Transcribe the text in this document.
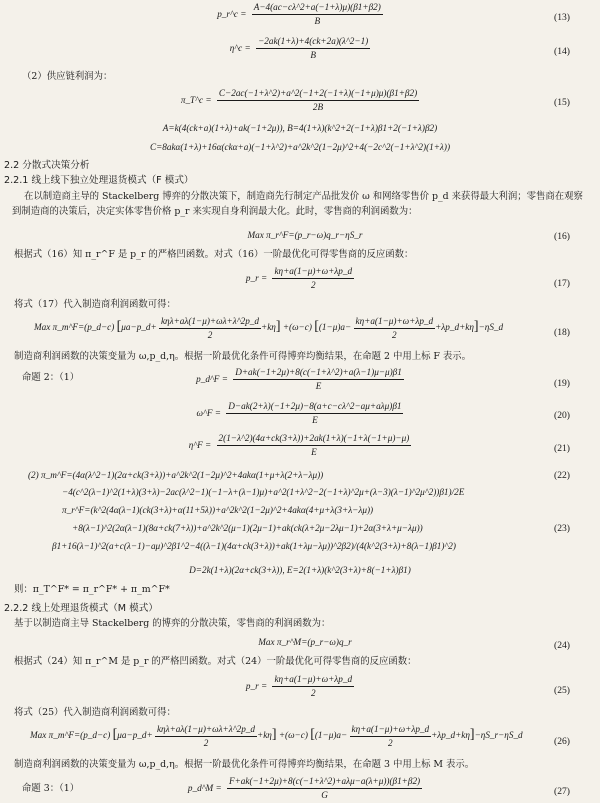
p_r^c = $\frac{A-4(ac-c\lambda\^{}2+a(-1+\lambda)\mu)(\beta 1+\beta 2)}{B}$	(13)
η^c = $\frac{-2ak(1+\lambda)+4(ck+2a)(\lambda\^{}2-1)}{B}$	(14)
（2）供应链利润为：
π_T^c = $\frac{C-2ac(-1+\lambda\^{}2)+a\^{}2(-1+2(-1+\lambda)(-1+\mu)\mu)(\beta 1+\beta 2)}{2B}$	(15)
A=k(4(ck+a)(1+λ)+ak(−1+2μ)), B=4(1+λ)(k^2+2(−1+λ)β1+2(−1+λ)β2)
C=8akα(1+λ)+16α(ckα+a)(−1+λ^2)+a^2k^2(1−2μ)^2+4(−2c^2(−1+λ^2)(1+λ))
2.2 分散式决策分析
2.2.1 线上线下独立处理退货模式（F 模式）
在以制造商主导的 Stackelberg 博弈的分散决策下，制造商先行制定产品批发价 ω 和网络零售价 p_d 来获得最大利润；零售商在观察到制造商的决策后，决定实体零售价格 p_r 来实现自身利润最大化。此时，零售商的利润函数为：
Max π_r^F=(p_r−ω)q_r−ηS_r	(16)
根据式（16）知 π_r^F 是 p_r 的严格凹函数。对式（16）一阶最优化可得零售商的反应函数：
p_r = $\frac{k\eta+a(1-\mu)+\omega+\lambda p\_d}{2}$	(17)
将式（17）代入制造商利润函数可得：
Max π_m^F=(p_d−c) [μa−p_d+ $\frac{\text{kηλ+aλ(1−μ)+ωλ+λ\textasciicircum{}2p\_d}}{2} +k\eta] +(\omega-c)$ [$(1-\mu)a- \frac{k\eta+a(1-\mu)+\omega+\lambda p\_d}{2}$ +λp_d+kη]−ηS_d	(18)
制造商利润函数的决策变量为 ω,p_d,η。根据一阶最优化条件可得博弈均衡结果，在命题 2 中用上标 F 表示。
命题 2：（1）	p_d^F = $\frac{D+ak(-1+2\mu)+8(c(-1+\lambda\^{}2)+a(\lambda-1)\mu-\mu)\beta 1}{E}$	(19)
ω^F = $\frac{\text{D−ak(2+λ)(−1+2μ)−8(a+c−cλ\textasciicircum{}2−aμ+aλμ)β1}}{E}$	(20)
η^F = $\frac{2(1-\lambda\^{}2)(4\alpha+ck(3+\lambda))+2ak(1+\lambda)(-1+\lambda(-1+\mu)-\mu)}{E}$	(21)
(2) π_m^F=(4α(λ^2−1)(2α+ck(3+λ))+a^2k^2(1−2μ)^2+4akα(1+μ+λ(2+λ−λμ))
−4(c^2(λ−1)^2(1+λ)(3+λ)−2ac(λ^2−1)(−1−λ+(λ−1)μ)+a^2(1+λ^2−2(−1+λ)^2μ+(λ−3)(λ−1)^2μ^2))β1)/2E
(22)
π_r^F=(k^2(4α(λ−1)(ck(3+λ)+α(11+5λ))+a^2k^2(1−2μ)^2+4akα(4+μ+λ(3+λ−λμ))
+8(λ−1)^2(2α(λ−1)(8α+ck(7+λ))+a^2k^2(μ−1)(2μ−1)+ak(ck(λ+2μ−2λμ−1)+2α(3+λ+μ−λμ))
β1+16(λ−1)^2(a+c(λ−1)−aμ)^2β1^2−4((λ−1)(4α+ck(3+λ))+ak(1+λμ−λμ))^2β2)/(4(k^2(3+λ)+8(λ−1)β1)^2)
(23)
D=2k(1+λ)(2α+ck(3+λ)), E=2(1+λ)(k^2(3+λ)+8(−1+λ)β1)
则：π_T^F* = π_r^F* + π_m^F*
2.2.2 线上处理退货模式（M 模式）
基于以制造商主导 Stackelberg 的博弈的分散决策，零售商的利润函数为：
Max π_r^M=(p_r−ω)q_r	(24)
根据式（24）知 π_r^M 是 p_r 的严格凹函数。对式（24）一阶最优化可得零售商的反应函数：
p_r = $\frac{k\eta+a(1-\mu)+\omega+\lambda p\_d}{2}$	(25)
将式（25）代入制造商利润函数可得：
Max π_m^F=(p_d−c) [μa−p_d+ $\frac{\text{kηλ+aλ(1−μ)+ωλ+λ\textasciicircum{}2p\_d}}{2} +k\eta] +(\omega-c)$ [$(1-\mu)a- \frac{k\eta+a(1-\mu)+\omega+\lambda p\_d}{2}$ +λp_d+kη]−ηS_r−ηS_d
(26)
制造商利润函数的决策变量为 ω,p_d,η。根据一阶最优化条件可得博弈均衡结果，在命题 3 中用上标 M 表示。
命题 3：（1）	p_d^M = $\frac{\text{F+ak(−1+2μ)+8(c(−1+λ\textasciicircum{}2)+aλμ−a(λ+μ))(β1+β2)}}{G}$	(27)
